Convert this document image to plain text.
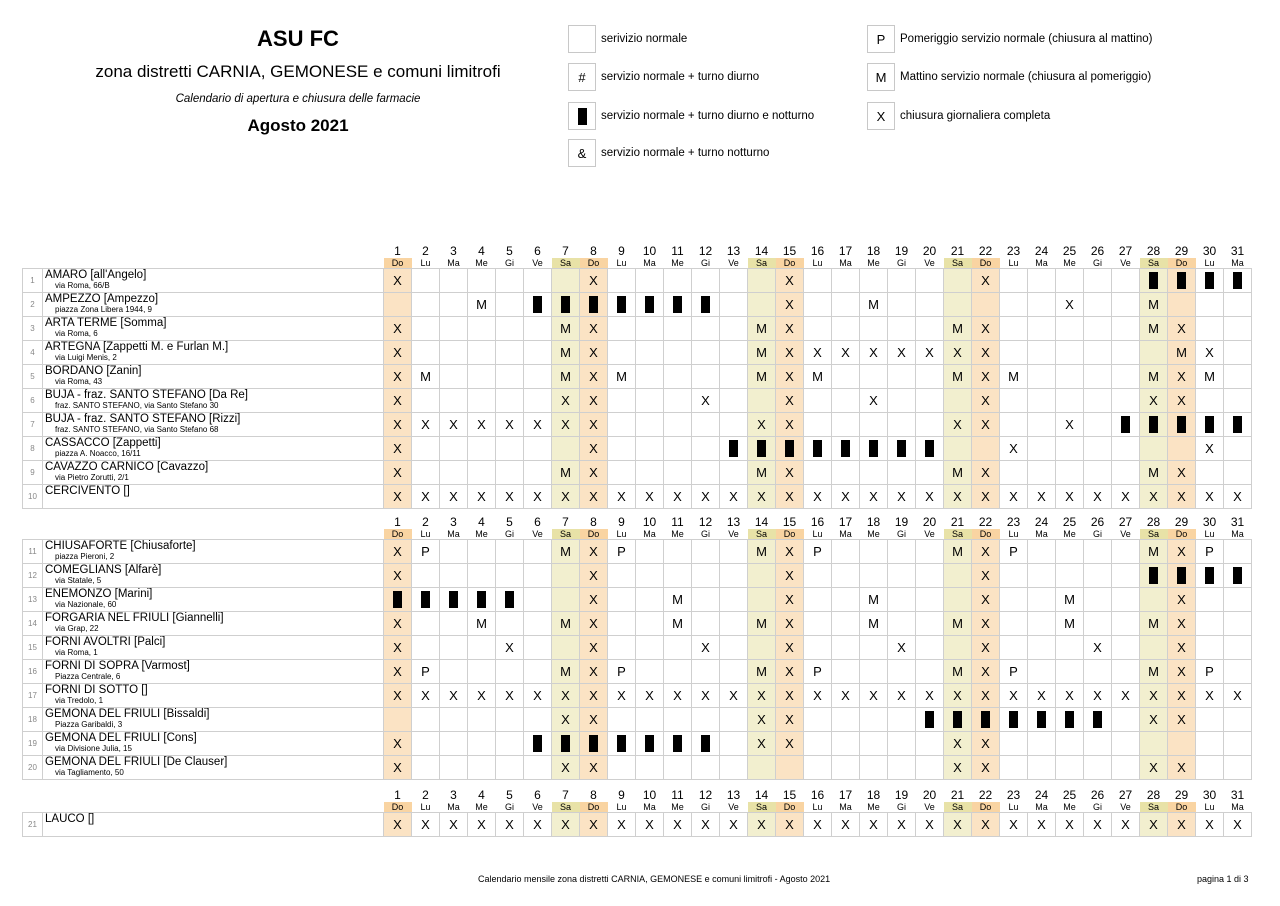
ASU FC
zona distretti CARNIA, GEMONESE e comuni limitrofi
Calendario di apertura e chiusura delle farmacie
Agosto 2021
serivizio normale
#	servizio normale + turno diurno
servizio normale + turno diurno e notturno
&	servizio normale + turno notturno
P	Pomeriggio servizio normale (chiusura al mattino)
M	Mattino servizio normale (chiusura al pomeriggio)
X	chiusura giornaliera completa
		1	2	3	4	5	6	7	8	9	10	11	12	13	14	15	16	17	18	19	20	21	22	23	24	25	26	27	28	29	30	31
		Do	Lu	Ma	Me	Gi	Ve	Sa	Do	Lu	Ma	Me	Gi	Ve	Sa	Do	Lu	Ma	Me	Gi	Ve	Sa	Do	Lu	Ma	Me	Gi	Ve	Sa	Do	Lu	Ma
1	AMARO [all'Angelo]
via Roma, 66/B	X							X							X							X									
2	AMPEZZO [Ampezzo]
piazza Zona Libera 1944, 9				M											X			M							X			M			
3	ARTA TERME [Somma]
via Roma, 6	X						M	X						M	X						M	X						M	X		
4	ARTEGNA [Zappetti M. e Furlan M.]
via Luigi Menis, 2	X						M	X						M	X	X	X	X	X	X	X	X							M	X	
5	BORDANO [Zanin]
via Roma, 43	X	M					M	X	M					M	X	M					M	X	M					M	X	M	
6	BUJA - fraz. SANTO STEFANO [Da Re]
fraz. SANTO STEFANO, via Santo Stefano 30	X						X	X				X			X			X				X						X	X		
7	BUJA - fraz. SANTO STEFANO [Rizzi]
fraz. SANTO STEFANO, via Santo Stefano 68	X	X	X	X	X	X	X	X						X	X						X	X			X						
8	CASSACCO [Zappetti]
piazza A. Noacco, 16/11	X							X															X							X	
9	CAVAZZO CARNICO [Cavazzo]
via Pietro Zorutti, 2/1	X						M	X						M	X						M	X						M	X		
10	CERCIVENTO []	X	X	X	X	X	X	X	X	X	X	X	X	X	X	X	X	X	X	X	X	X	X	X	X	X	X	X	X	X	X	X
		1	2	3	4	5	6	7	8	9	10	11	12	13	14	15	16	17	18	19	20	21	22	23	24	25	26	27	28	29	30	31
		Do	Lu	Ma	Me	Gi	Ve	Sa	Do	Lu	Ma	Me	Gi	Ve	Sa	Do	Lu	Ma	Me	Gi	Ve	Sa	Do	Lu	Ma	Me	Gi	Ve	Sa	Do	Lu	Ma
11	CHIUSAFORTE [Chiusaforte]
piazza Pieroni, 2	X	P					M	X	P					M	X	P					M	X	P					M	X	P	
12	COMEGLIANS [Alfarè]
via Statale, 5	X							X							X							X									
13	ENEMONZO [Marini]
via Nazionale, 60								X			M				X			M				X			M				X		
14	FORGARIA NEL FRIULI [Giannelli]
via Grap, 22	X			M			M	X			M			M	X			M			M	X			M			M	X		
15	FORNI AVOLTRI [Palci]
via Roma, 1	X				X			X				X			X				X			X				X			X		
16	FORNI DI SOPRA [Varmost]
Piazza Centrale, 6	X	P					M	X	P					M	X	P					M	X	P					M	X	P	
17	FORNI DI SOTTO []
via Tredolo, 1	X	X	X	X	X	X	X	X	X	X	X	X	X	X	X	X	X	X	X	X	X	X	X	X	X	X	X	X	X	X	X
18	GEMONA DEL FRIULI [Bissaldi]
Piazza Garibaldi, 3							X	X						X	X													X	X		
19	GEMONA DEL FRIULI [Cons]
via Divisione Julia, 15	X													X	X						X	X									
20	GEMONA DEL FRIULI [De Clauser]
via Tagliamento, 50	X						X	X													X	X						X	X		
		1	2	3	4	5	6	7	8	9	10	11	12	13	14	15	16	17	18	19	20	21	22	23	24	25	26	27	28	29	30	31
		Do	Lu	Ma	Me	Gi	Ve	Sa	Do	Lu	Ma	Me	Gi	Ve	Sa	Do	Lu	Ma	Me	Gi	Ve	Sa	Do	Lu	Ma	Me	Gi	Ve	Sa	Do	Lu	Ma
21	LAUCO []	X	X	X	X	X	X	X	X	X	X	X	X	X	X	X	X	X	X	X	X	X	X	X	X	X	X	X	X	X	X	X
Calendario mensile zona distretti CARNIA, GEMONESE e comuni limitrofi - Agosto 2021	pagina 1 di 3
